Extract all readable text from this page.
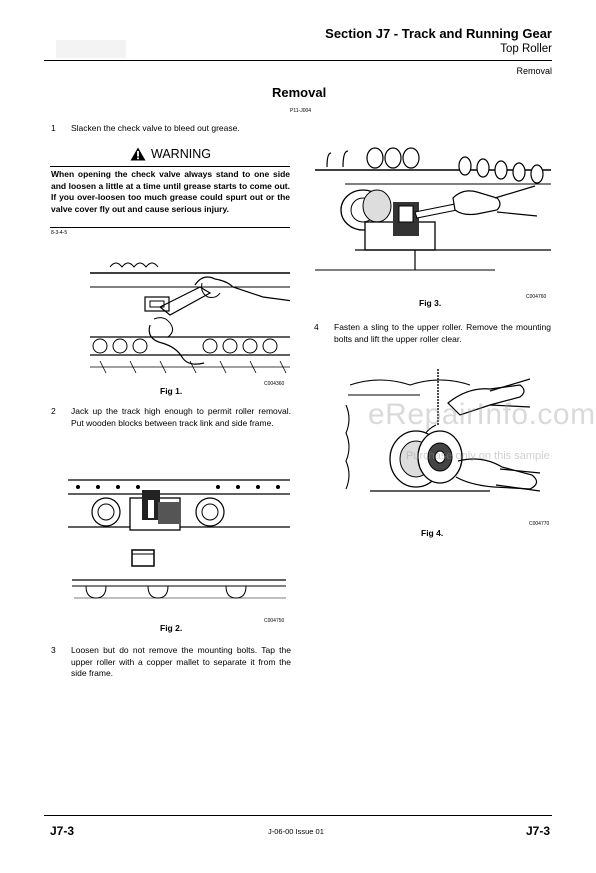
Section J7 - Track and Running Gear
Top Roller
Removal
Removal
P11-J004
1 Slacken the check valve to bleed out grease.
WARNING
When opening the check valve always stand to one side and loosen a little at a time until grease starts to come out. If you over-loosen too much grease could spurt out or the valve cover fly out and cause serious injury.
8-3-4-5
Fig 1.
C004360
2 Jack up the track high enough to permit roller removal. Put wooden blocks between track link and side frame.
Fig 2.
C004750
3 Loosen but do not remove the mounting bolts. Tap the upper roller with a copper mallet to separate it from the side frame.
Fig 3.
C004760
4 Fasten a sling to the upper roller. Remove the mounting bolts and lift the upper roller clear.
Fig 4.
C004770
eRepairInfo.com
Purchase only on this sample
J7-3	J-06-00 Issue 01	J7-3
